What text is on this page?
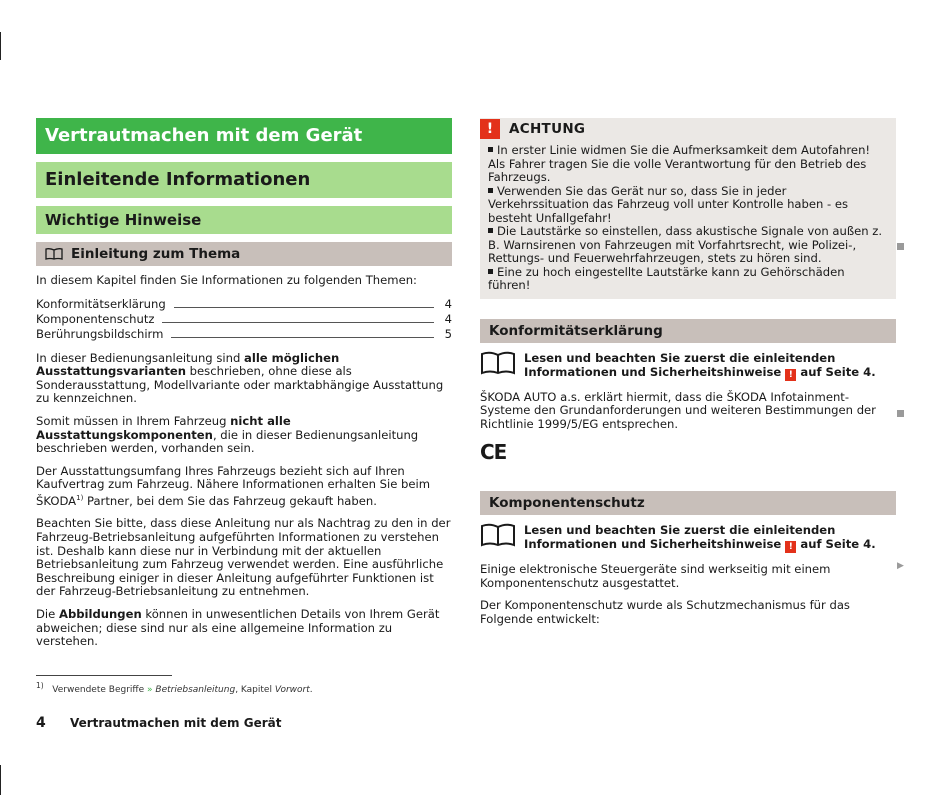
Vertrautmachen mit dem Gerät
Einleitende Informationen
Wichtige Hinweise
Einleitung zum Thema

In diesem Kapitel finden Sie Informationen zu folgenden Themen:

Konformitätserklärung	4
Komponentenschutz	4
Berührungsbildschirm	5

In dieser Bedienungsanleitung sind alle möglichen Ausstattungsvarianten beschrieben, ohne diese als Sonderausstattung, Modellvariante oder marktabhängige Ausstattung zu kennzeichnen.

Somit müssen in Ihrem Fahrzeug nicht alle Ausstattungskomponenten, die in dieser Bedienungsanleitung beschrieben werden, vorhanden sein.

Der Ausstattungsumfang Ihres Fahrzeugs bezieht sich auf Ihren Kaufvertrag zum Fahrzeug. Nähere Informationen erhalten Sie beim ŠKODA$^{1)}$ Partner, bei dem Sie das Fahrzeug gekauft haben.

Beachten Sie bitte, dass diese Anleitung nur als Nachtrag zu den in der Fahrzeug-Betriebsanleitung aufgeführten Informationen zu verstehen ist. Deshalb kann diese nur in Verbindung mit der aktuellen Betriebsanleitung zum Fahrzeug verwendet werden. Eine ausführliche Beschreibung einiger in dieser Anleitung aufgeführter Funktionen ist der Fahrzeug-Betriebsanleitung zu entnehmen.

Die Abbildungen können in unwesentlichen Details von Ihrem Gerät abweichen; diese sind nur als eine allgemeine Information zu verstehen.

!	ACHTUNG
In erster Linie widmen Sie die Aufmerksamkeit dem Autofahren! Als Fahrer tragen Sie die volle Verantwortung für den Betrieb des Fahrzeugs.
Verwenden Sie das Gerät nur so, dass Sie in jeder Verkehrssituation das Fahrzeug voll unter Kontrolle haben - es besteht Unfallgefahr!
Die Lautstärke so einstellen, dass akustische Signale von außen z. B. Warnsirenen von Fahrzeugen mit Vorfahrtsrecht, wie Polizei-, Rettungs- und Feuerwehrfahrzeugen, stets zu hören sind.
Eine zu hoch eingestellte Lautstärke kann zu Gehörschäden führen!
Konformitätserklärung
Lesen und beachten Sie zuerst die einleitenden Informationen und Sicherheitshinweise ! auf Seite 4.

ŠKODA AUTO a.s. erklärt hiermit, dass die ŠKODA Infotainment-Systeme den Grundanforderungen und weiteren Bestimmungen der Richtlinie 1999/5/EG entsprechen.

CE
Komponentenschutz
Lesen und beachten Sie zuerst die einleitenden Informationen und Sicherheitshinweise ! auf Seite 4.

Einige elektronische Steuergeräte sind werkseitig mit einem Komponentenschutz ausgestattet.

Der Komponentenschutz wurde als Schutzmechanismus für das Folgende entwickelt:

▶
$^{1)}$ Verwendete Begriffe » Betriebsanleitung, Kapitel Vorwort.
4 Vertrautmachen mit dem Gerät
